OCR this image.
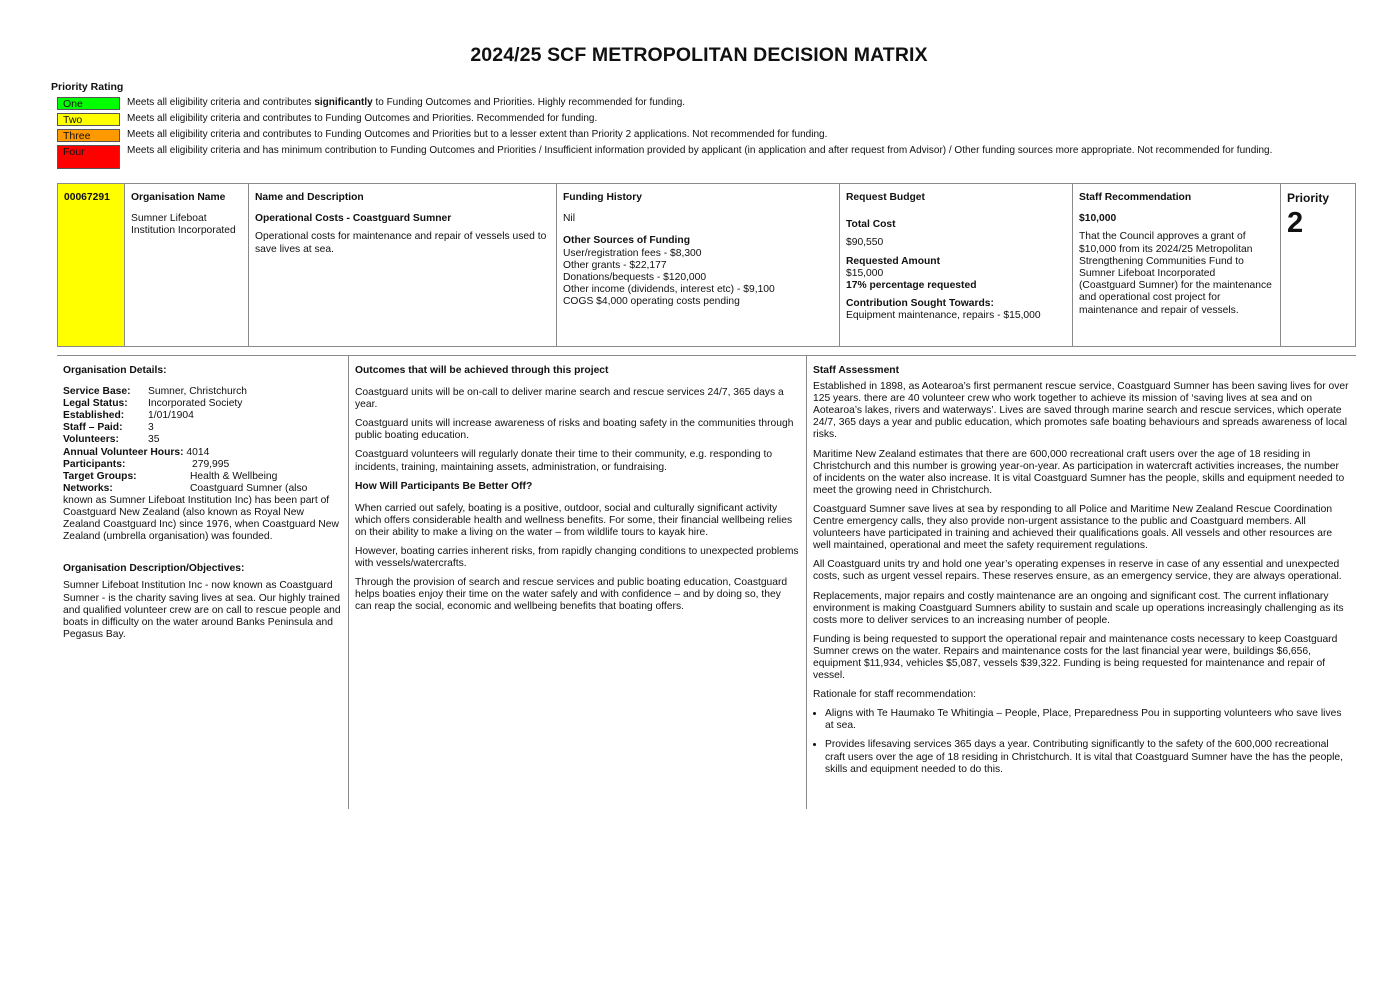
2024/25 SCF METROPOLITAN DECISION MATRIX
Priority Rating
One	Meets all eligibility criteria and contributes significantly to Funding Outcomes and Priorities. Highly recommended for funding.
Two	Meets all eligibility criteria and contributes to Funding Outcomes and Priorities. Recommended for funding.
Three	Meets all eligibility criteria and contributes to Funding Outcomes and Priorities but to a lesser extent than Priority 2 applications. Not recommended for funding.
Four	Meets all eligibility criteria and has minimum contribution to Funding Outcomes and Priorities / Insufficient information provided by applicant (in application and after request from Advisor) / Other funding sources more appropriate. Not recommended for funding.
00067291	Organisation Name
Sumner Lifeboat Institution Incorporated
Name and Description
Operational Costs - Coastguard Sumner
Operational costs for maintenance and repair of vessels used to save lives at sea.
Funding History
Nil
Other Sources of Funding
User/registration fees - $8,300
Other grants - $22,177
Donations/bequests - $120,000
Other income (dividends, interest etc) - $9,100
COGS $4,000 operating costs pending
Request Budget
Total Cost
$90,550
Requested Amount
$15,000
17% percentage requested
Contribution Sought Towards:
Equipment maintenance, repairs - $15,000
Staff Recommendation
$10,000
That the Council approves a grant of $10,000 from its 2024/25 Metropolitan Strengthening Communities Fund to Sumner Lifeboat Incorporated (Coastguard Sumner) for the maintenance and operational cost project for maintenance and repair of vessels.
Priority
2
Organisation Details:
Service Base:	Sumner, Christchurch
Legal Status:	Incorporated Society
Established:	1/01/1904
Staff – Paid:	3
Volunteers:	35
Annual Volunteer Hours:
4014
Participants:	279,995
Target Groups:	Health & Wellbeing
Networks:	Coastguard Sumner (also
known as Sumner Lifeboat Institution Inc) has been part of Coastguard New Zealand (also known as Royal New Zealand Coastguard Inc) since 1976, when Coastguard New Zealand (umbrella organisation) was founded.
Organisation Description/Objectives:
Sumner Lifeboat Institution Inc - now known as Coastguard Sumner - is the charity saving lives at sea. Our highly trained and qualified volunteer crew are on call to rescue people and boats in difficulty on the water around Banks Peninsula and Pegasus Bay.
Outcomes that will be achieved through this project

Coastguard units will be on-call to deliver marine search and rescue services 24/7, 365 days a year.

Coastguard units will increase awareness of risks and boating safety in the communities through public boating education.

Coastguard volunteers will regularly donate their time to their community, e.g. responding to incidents, training, maintaining assets, administration, or fundraising.

How Will Participants Be Better Off?

When carried out safely, boating is a positive, outdoor, social and culturally significant activity which offers considerable health and wellness benefits. For some, their financial wellbeing relies on their ability to make a living on the water – from wildlife tours to kayak hire.

However, boating carries inherent risks, from rapidly changing conditions to unexpected problems with vessels/watercrafts.

Through the provision of search and rescue services and public boating education, Coastguard helps boaties enjoy their time on the water safely and with confidence – and by doing so, they can reap the social, economic and wellbeing benefits that boating offers.

Staff Assessment

Established in 1898, as Aotearoa’s first permanent rescue service, Coastguard Sumner has been saving lives for over 125 years. there are 40 volunteer crew who work together to achieve its mission of ‘saving lives at sea and on Aotearoa’s lakes, rivers and waterways’. Lives are saved through marine search and rescue services, which operate 24/7, 365 days a year and public education, which promotes safe boating behaviours and spreads awareness of local risks.

Maritime New Zealand estimates that there are 600,000 recreational craft users over the age of 18 residing in Christchurch and this number is growing year-on-year. As participation in watercraft activities increases, the number of incidents on the water also increase. It is vital Coastguard Sumner has the people, skills and equipment needed to meet the growing need in Christchurch.

Coastguard Sumner save lives at sea by responding to all Police and Maritime New Zealand Rescue Coordination Centre emergency calls, they also provide non-urgent assistance to the public and Coastguard members. All volunteers have participated in training and achieved their qualifications goals. All vessels and other resources are well maintained, operational and meet the safety requirement regulations.

All Coastguard units try and hold one year’s operating expenses in reserve in case of any essential and unexpected costs, such as urgent vessel repairs. These reserves ensure, as an emergency service, they are always operational.

Replacements, major repairs and costly maintenance are an ongoing and significant cost. The current inflationary environment is making Coastguard Sumners ability to sustain and scale up operations increasingly challenging as its costs more to deliver services to an increasing number of people.

Funding is being requested to support the operational repair and maintenance costs necessary to keep Coastguard Sumner crews on the water. Repairs and maintenance costs for the last financial year were, buildings $6,656, equipment $11,934, vehicles $5,087, vessels $39,322. Funding is being requested for maintenance and repair of vessel.

Rationale for staff recommendation:

• Aligns with Te Haumako Te Whitingia – People, Place, Preparedness Pou in supporting volunteers who save lives at sea.
• Provides lifesaving services 365 days a year. Contributing significantly to the safety of the 600,000 recreational craft users over the age of 18 residing in Christchurch. It is vital that Coastguard Sumner have the has the people, skills and equipment needed to do this.
